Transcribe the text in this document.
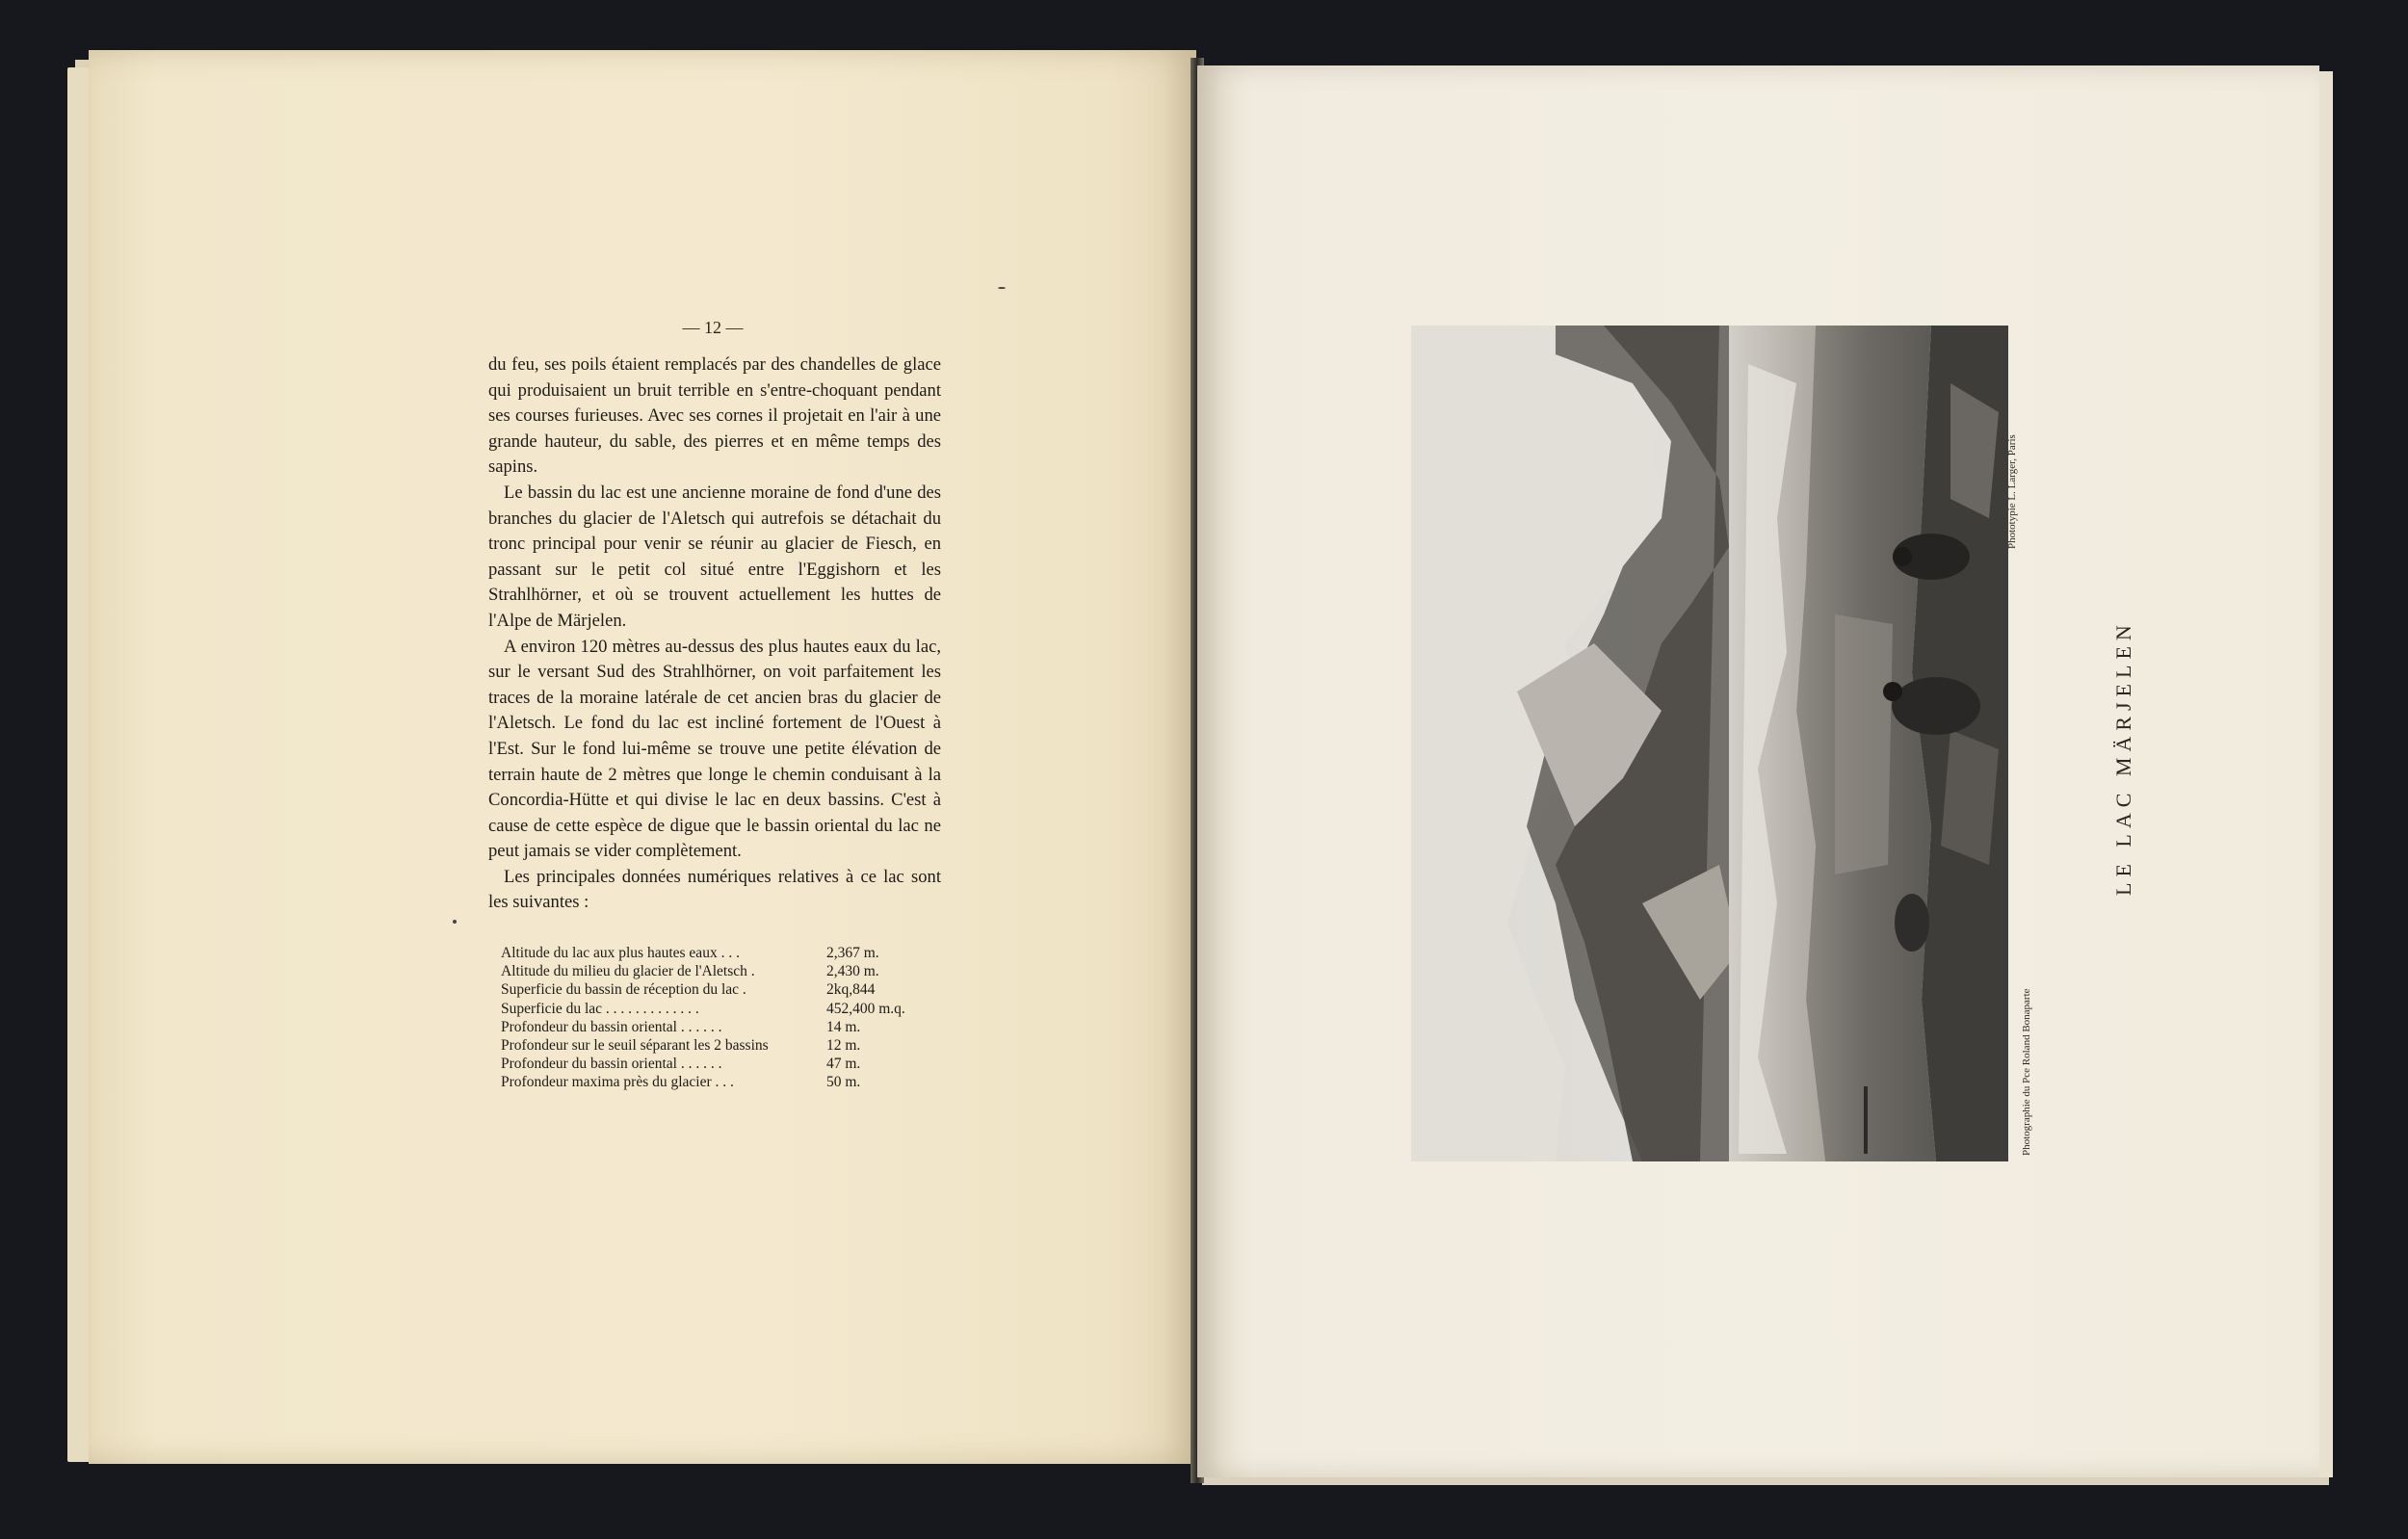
— 12 —

du feu, ses poils étaient remplacés par des chandelles de glace qui produisaient un bruit terrible en s'entre-choquant pendant ses courses furieuses. Avec ses cornes il projetait en l'air à une grande hauteur, du sable, des pierres et en même temps des sapins.

Le bassin du lac est une ancienne moraine de fond d'une des branches du glacier de l'Aletsch qui autrefois se détachait du tronc principal pour venir se réunir au glacier de Fiesch, en passant sur le petit col situé entre l'Eggishorn et les Strahlhörner, et où se trouvent actuellement les huttes de l'Alpe de Märjelen.

A environ 120 mètres au-dessus des plus hautes eaux du lac, sur le versant Sud des Strahlhörner, on voit parfaitement les traces de la moraine latérale de cet ancien bras du glacier de l'Aletsch. Le fond du lac est incliné fortement de l'Ouest à l'Est. Sur le fond lui-même se trouve une petite élévation de terrain haute de 2 mètres que longe le chemin conduisant à la Concordia-Hütte et qui divise le lac en deux bassins. C'est à cause de cette espèce de digue que le bassin oriental du lac ne peut jamais se vider complètement.

Les principales données numériques relatives à ce lac sont les suivantes :

Altitude du lac aux plus hautes eaux . . .	2,367 m.
Altitude du milieu du glacier de l'Aletsch .	2,430 m.
Superficie du bassin de réception du lac .	2kq,844
Superficie du lac . . . . . . . . . . . . .	452,400 m.q.
Profondeur du bassin oriental . . . . . .	14 m.
Profondeur sur le seuil séparant les 2 bassins	12 m.
Profondeur du bassin oriental . . . . . .	47 m.
Profondeur maxima près du glacier . . .	50 m.	Photographie du Pce Roland Bonaparte
Phototypie L. Larger, Paris
LE LAC MÄRJELEN
